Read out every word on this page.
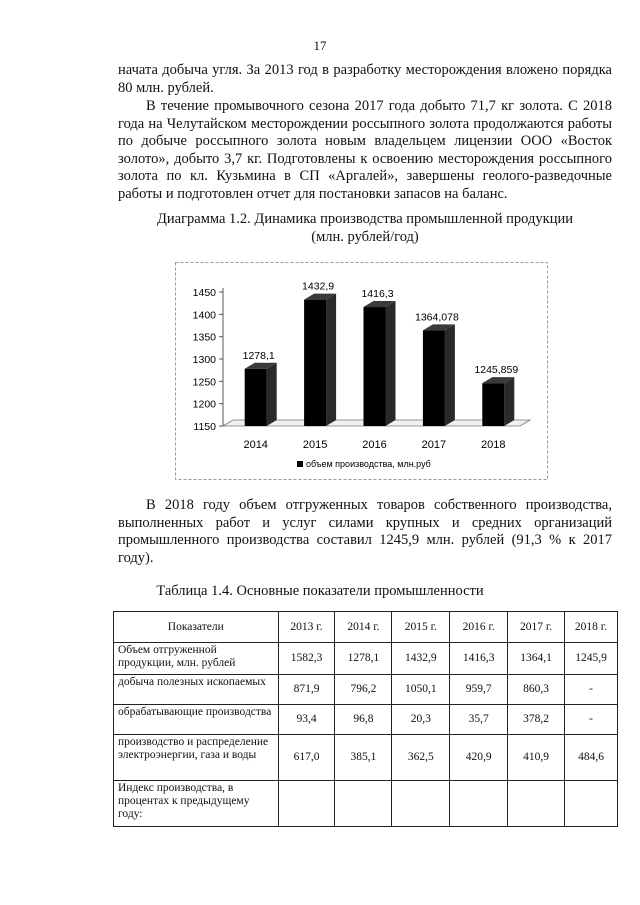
17

начата добыча угля. За 2013 год в разработку месторождения вложено порядка 80 млн. рублей.

В течение промывочного сезона 2017 года добыто 71,7 кг золота. С 2018 года на Челутайском месторождении россыпного золота продолжаются работы по добыче россыпного золота новым владельцем лицензии ООО «Восток золото», добыто 3,7 кг. Подготовлены к освоению месторождения россыпного золота по кл. Кузьмина в СП «Аргалей», завершены геолого-разведочные работы и подготовлен отчет для постановки запасов на баланс.

Диаграмма 1.2. Динамика производства промышленной продукции
(млн. рублей/год)
1150
1200
1250
1300
1350
1400
1450
1278,1
2014
1432,9
2015
1416,3
2016
1364,078
2017
1245,859
2018
объем производства, млн.руб

В 2018 году объем отгруженных товаров собственного производства, выполненных работ и услуг силами крупных и средних организаций промышленного производства составил 1245,9 млн. рублей (91,3 % к 2017 году).

Таблица 1.4. Основные показатели промышленности
Показатели	2013 г.	2014 г.	2015 г.	2016 г.	2017 г.	2018 г.
Объем отгруженной продукции, млн. рублей	1582,3	1278,1	1432,9	1416,3	1364,1	1245,9
добыча полезных ископаемых	871,9	796,2	1050,1	959,7	860,3	-
обрабатывающие производства	93,4	96,8	20,3	35,7	378,2	-
производство и распределение электроэнергии, газа и воды	617,0	385,1	362,5	420,9	410,9	484,6
Индекс производства, в процентах к предыдущему году:						
